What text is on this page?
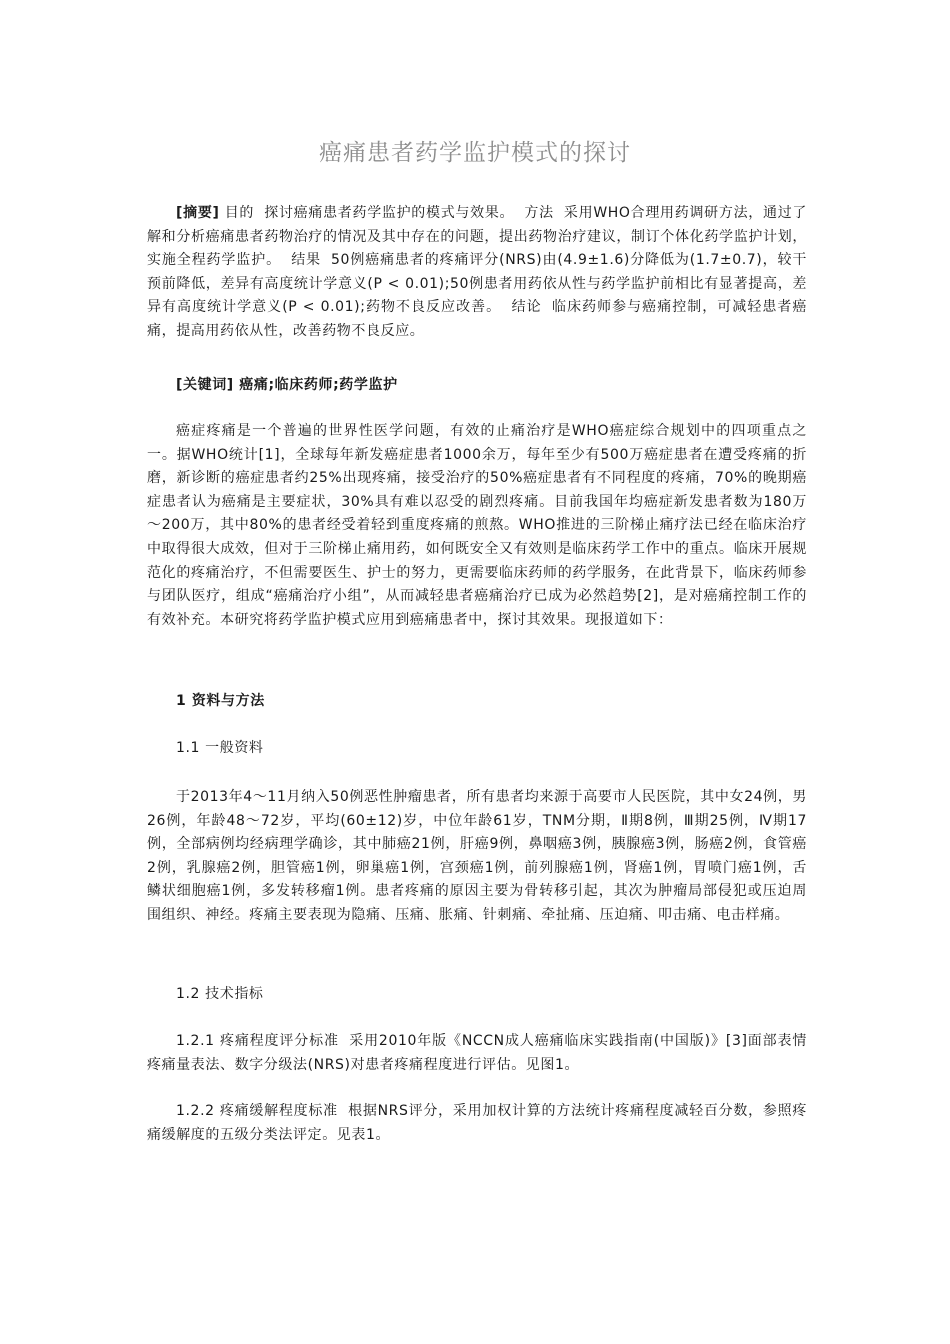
癌痛患者药学监护模式的探讨

[摘要] 目的 探讨癌痛患者药学监护的模式与效果。 方法 采用WHO合理用药调研方法，通过了解和分析癌痛患者药物治疗的情况及其中存在的问题，提出药物治疗建议，制订个体化药学监护计划，实施全程药学监护。 结果 50例癌痛患者的疼痛评分(NRS)由(4.9±1.6)分降低为(1.7±0.7)，较干预前降低，差异有高度统计学意义(P < 0.01);50例患者用药依从性与药学监护前相比有显著提高，差异有高度统计学意义(P < 0.01);药物不良反应改善。 结论 临床药师参与癌痛控制，可减轻患者癌痛，提高用药依从性，改善药物不良反应。

[关键词] 癌痛;临床药师;药学监护

癌症疼痛是一个普遍的世界性医学问题，有效的止痛治疗是WHO癌症综合规划中的四项重点之一。据WHO统计[1]，全球每年新发癌症患者1000余万，每年至少有500万癌症患者在遭受疼痛的折磨，新诊断的癌症患者约25%出现疼痛，接受治疗的50%癌症患者有不同程度的疼痛，70%的晚期癌症患者认为癌痛是主要症状，30%具有难以忍受的剧烈疼痛。目前我国年均癌症新发患者数为180万～200万，其中80%的患者经受着轻到重度疼痛的煎熬。WHO推进的三阶梯止痛疗法已经在临床治疗中取得很大成效，但对于三阶梯止痛用药，如何既安全又有效则是临床药学工作中的重点。临床开展规范化的疼痛治疗，不但需要医生、护士的努力，更需要临床药师的药学服务，在此背景下，临床药师参与团队医疗，组成“癌痛治疗小组”，从而减轻患者癌痛治疗已成为必然趋势[2]，是对癌痛控制工作的有效补充。本研究将药学监护模式应用到癌痛患者中，探讨其效果。现报道如下：

1 资料与方法

1.1 一般资料

于2013年4～11月纳入50例恶性肿瘤患者，所有患者均来源于高要市人民医院，其中女24例，男26例，年龄48～72岁，平均(60±12)岁，中位年龄61岁，TNM分期，Ⅱ期8例，Ⅲ期25例，Ⅳ期17例，全部病例均经病理学确诊，其中肺癌21例，肝癌9例，鼻咽癌3例，胰腺癌3例，肠癌2例，食管癌2例，乳腺癌2例，胆管癌1例，卵巢癌1例，宫颈癌1例，前列腺癌1例，肾癌1例，胃喷门癌1例，舌鳞状细胞癌1例，多发转移瘤1例。患者疼痛的原因主要为骨转移引起，其次为肿瘤局部侵犯或压迫周围组织、神经。疼痛主要表现为隐痛、压痛、胀痛、针刺痛、牵扯痛、压迫痛、叩击痛、电击样痛。

1.2 技术指标

1.2.1 疼痛程度评分标准 采用2010年版《NCCN成人癌痛临床实践指南(中国版)》[3]面部表情疼痛量表法、数字分级法(NRS)对患者疼痛程度进行评估。见图1。

1.2.2 疼痛缓解程度标准 根据NRS评分，采用加权计算的方法统计疼痛程度减轻百分数，参照疼痛缓解度的五级分类法评定。见表1。
